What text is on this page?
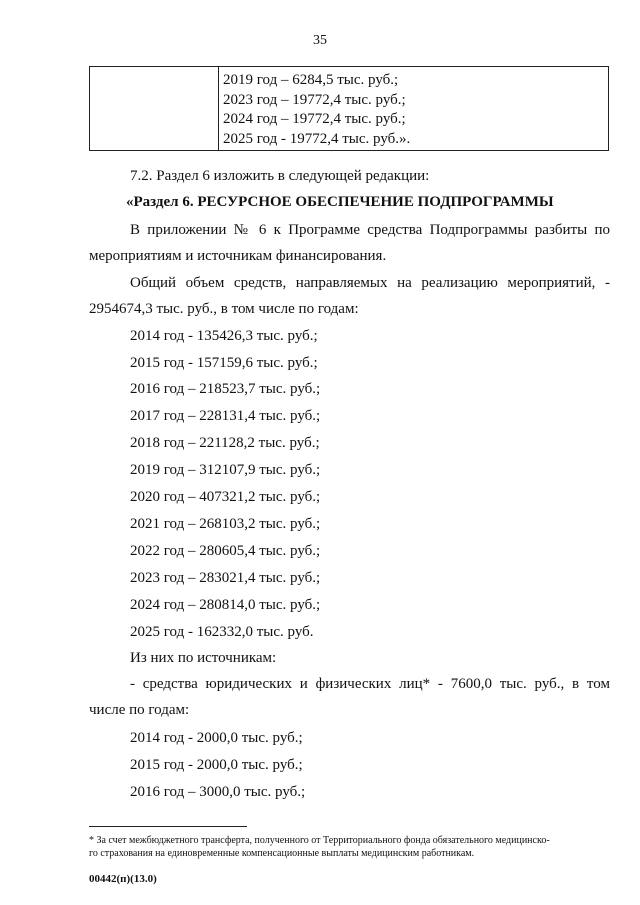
35
2019 год – 6284,5 тыс. руб.;
2023 год – 19772,4 тыс. руб.;
2024 год – 19772,4 тыс. руб.;
2025 год - 19772,4 тыс. руб.».
7.2. Раздел 6 изложить в следующей редакции:
«Раздел 6. РЕСУРСНОЕ ОБЕСПЕЧЕНИЕ ПОДПРОГРАММЫ
В приложении № 6 к Программе средства Подпрограммы разбиты по
мероприятиям и источникам финансирования.
Общий объем средств, направляемых на реализацию мероприятий, -
2954674,3 тыс. руб., в том числе по годам:
2014 год - 135426,3 тыс. руб.;
2015 год - 157159,6 тыс. руб.;
2016 год – 218523,7 тыс. руб.;
2017 год – 228131,4 тыс. руб.;
2018 год – 221128,2 тыс. руб.;
2019 год – 312107,9 тыс. руб.;
2020 год – 407321,2 тыс. руб.;
2021 год – 268103,2 тыс. руб.;
2022 год – 280605,4 тыс. руб.;
2023 год – 283021,4 тыс. руб.;
2024 год – 280814,0 тыс. руб.;
2025 год - 162332,0 тыс. руб.
Из них по источникам:
- средства юридических и физических лиц* - 7600,0 тыс. руб., в том
числе по годам:
2014 год - 2000,0 тыс. руб.;
2015 год - 2000,0 тыс. руб.;
2016 год – 3000,0 тыс. руб.;
* За счет межбюджетного трансферта, полученного от Территориального фонда обязательного медицинско-
го страхования на единовременные компенсационные выплаты медицинским работникам.
00442(п)(13.0)
